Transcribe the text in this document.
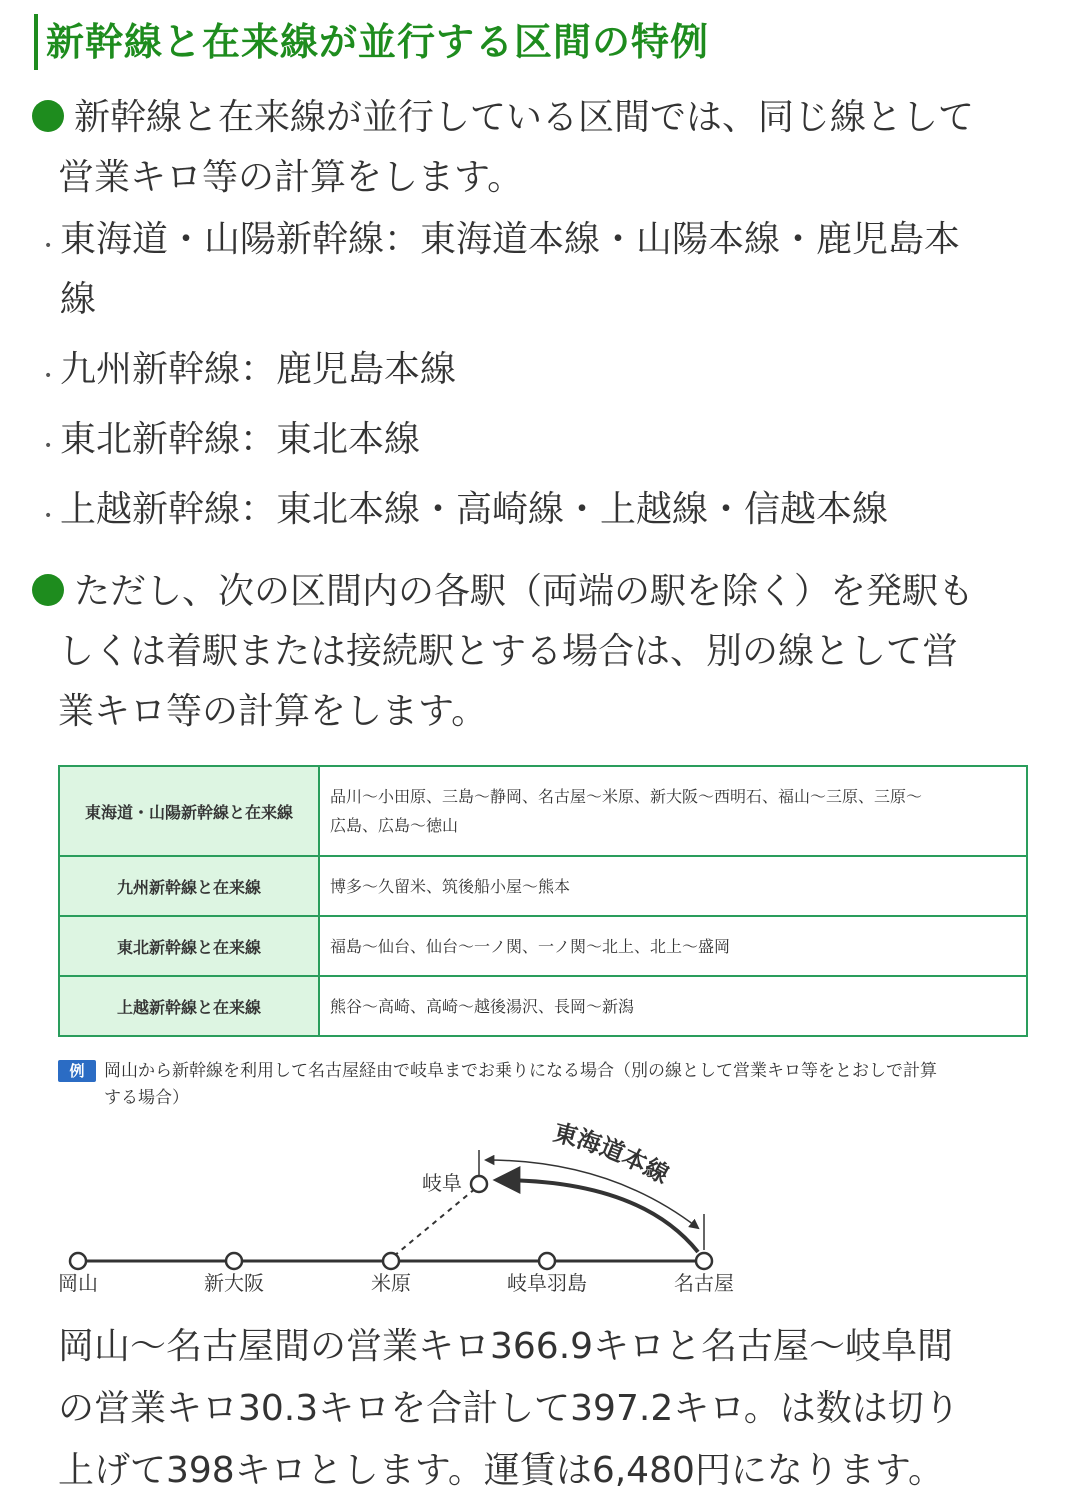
新幹線と在来線が並行する区間の特例
新幹線と在来線が並行している区間では、同じ線として
営業キロ等の計算をします。
• 東海道・山陽新幹線：東海道本線・山陽本線・鹿児島本
線
• 九州新幹線：鹿児島本線
• 東北新幹線：東北本線
• 上越新幹線：東北本線・高崎線・上越線・信越本線
ただし、次の区間内の各駅（両端の駅を除く）を発駅も
しくは着駅または接続駅とする場合は、別の線として営
業キロ等の計算をします。
東海道・山陽新幹線と在来線	品川〜小田原、三島〜静岡、名古屋〜米原、新大阪〜西明石、福山〜三原、三原〜
広島、広島〜徳山

九州新幹線と在来線	博多〜久留米、筑後船小屋〜熊本
東北新幹線と在来線	福島〜仙台、仙台〜一ノ関、一ノ関〜北上、北上〜盛岡
上越新幹線と在来線	熊谷〜高崎、高崎〜越後湯沢、長岡〜新潟
例	岡山から新幹線を利用して名古屋経由で岐阜までお乗りになる場合（別の線として営業キロ等をとおしで計算
する場合）
東海道本線
岡山	新大阪	米原	岐阜羽島	名古屋
岐阜
岡山〜名古屋間の営業キロ366.9キロと名古屋〜岐阜間
の営業キロ30.3キロを合計して397.2キロ。は数は切り
上げて398キロとします。運賃は6,480円になります。
